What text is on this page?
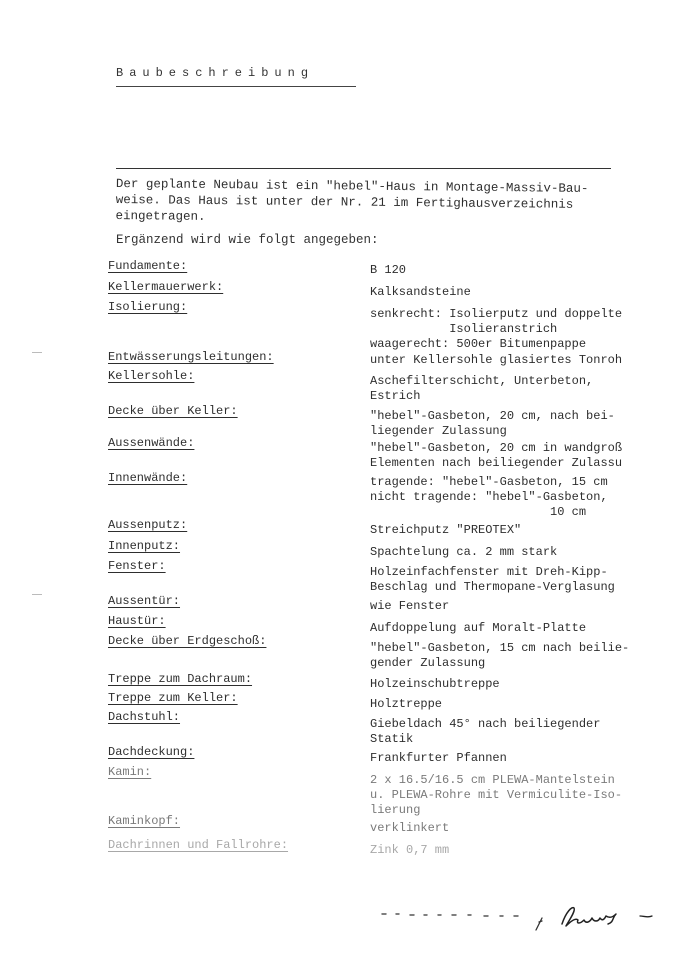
Baubeschreibung

Der geplante Neubau ist ein "hebel"-Haus in Montage-Massiv-Bau-

weise. Das Haus ist unter der Nr. 21 im Fertighausverzeichnis

eingetragen.

Ergänzend wird wie folgt angegeben:
Fundamente:	B 120
Kellermauerwerk:	Kalksandsteine
Isolierung:	senkrecht: Isolierputz und doppelte
Isolieranstrich
waagerecht: 500er Bitumenpappe
Entwässerungsleitungen:	unter Kellersohle glasiertes Tonroh
Kellersohle:	Aschefilterschicht, Unterbeton,
Estrich
Decke über Keller:	"hebel"-Gasbeton, 20 cm, nach bei-
liegender Zulassung
Aussenwände:	"hebel"-Gasbeton, 20 cm in wandgroß
Elementen nach beiliegender Zulassu
Innenwände:	tragende: "hebel"-Gasbeton, 15 cm
nicht tragende: "hebel"-Gasbeton,
10 cm
Aussenputz:	Streichputz "PREOTEX"
Innenputz:	Spachtelung ca. 2 mm stark
Fenster:	Holzeinfachfenster mit Dreh-Kipp-
Beschlag und Thermopane-Verglasung
Aussentür:	wie Fenster
Haustür:	Aufdoppelung auf Moralt-Platte
Decke über Erdgeschoß:	"hebel"-Gasbeton, 15 cm nach beilie-
gender Zulassung
Treppe zum Dachraum:	Holzeinschubtreppe
Treppe zum Keller:	Holztreppe
Dachstuhl:	Giebeldach 45° nach beiliegender
Statik
Dachdeckung:	Frankfurter Pfannen
Kamin:
2 x 16.5/16.5 cm PLEWA-Mantelstein
u. PLEWA-Rohre mit Vermiculite-Iso-
lierung
Kaminkopf:	verklinkert
Dachrinnen und Fallrohre:	Zink 0,7 mm
